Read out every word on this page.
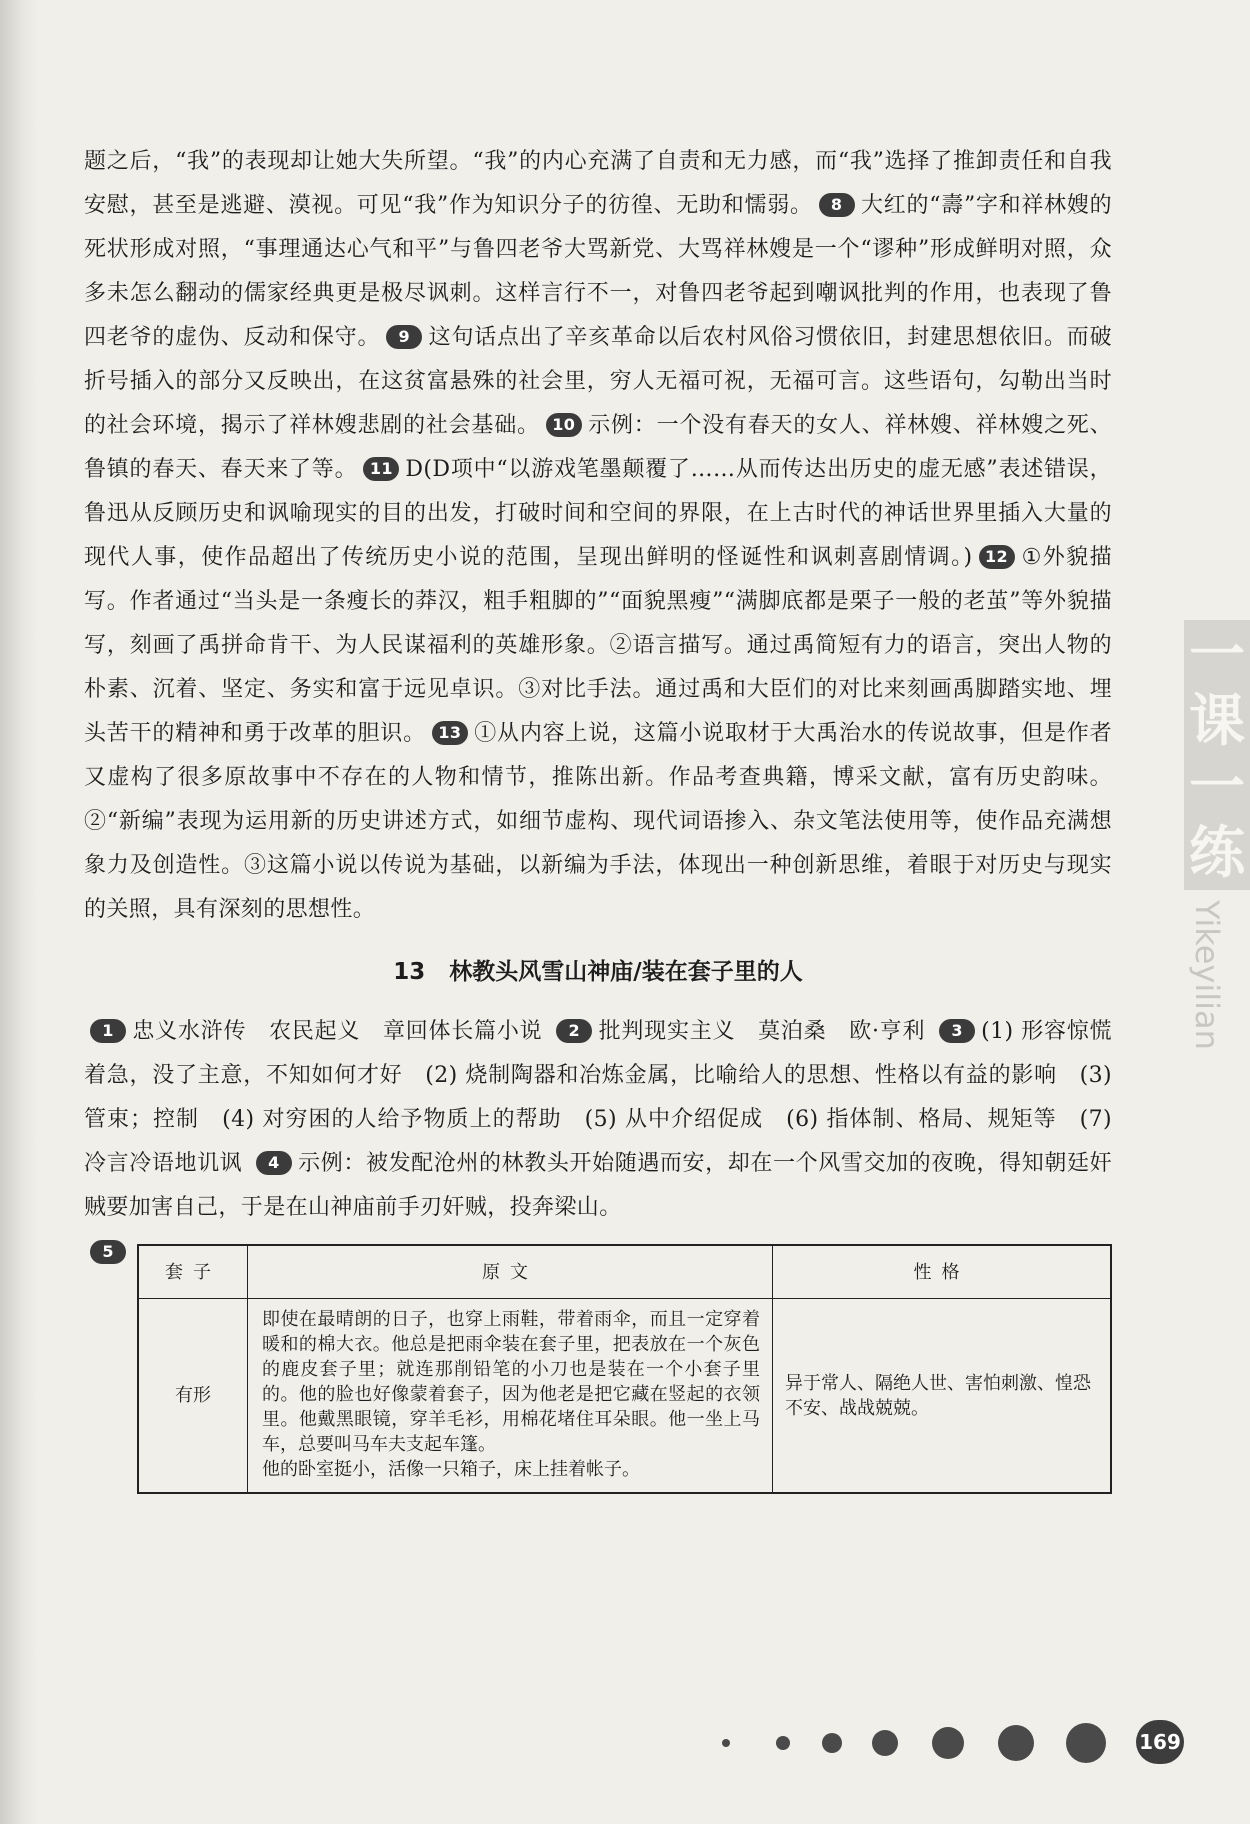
题之后，“我”的表现却让她大失所望。“我”的内心充满了自责和无力感，而“我”选择了推卸责任和自我安慰，甚至是逃避、漠视。可见“我”作为知识分子的彷徨、无助和懦弱。 8 大红的“壽”字和祥林嫂的死状形成对照，“事理通达心气和平”与鲁四老爷大骂新党、大骂祥林嫂是一个“谬种”形成鲜明对照，众多未怎么翻动的儒家经典更是极尽讽刺。这样言行不一，对鲁四老爷起到嘲讽批判的作用，也表现了鲁四老爷的虚伪、反动和保守。 9 这句话点出了辛亥革命以后农村风俗习惯依旧，封建思想依旧。而破折号插入的部分又反映出，在这贫富悬殊的社会里，穷人无福可祝，无福可言。这些语句，勾勒出当时的社会环境，揭示了祥林嫂悲剧的社会基础。 10 示例：一个没有春天的女人、祥林嫂、祥林嫂之死、鲁镇的春天、春天来了等。 11 D(D项中“以游戏笔墨颠覆了……从而传达出历史的虚无感”表述错误，鲁迅从反顾历史和讽喻现实的目的出发，打破时间和空间的界限，在上古时代的神话世界里插入大量的现代人事，使作品超出了传统历史小说的范围，呈现出鲜明的怪诞性和讽刺喜剧情调。) 12 ①外貌描写。作者通过“当头是一条瘦长的莽汉，粗手粗脚的”“面貌黑瘦”“满脚底都是栗子一般的老茧”等外貌描写，刻画了禹拼命肯干、为人民谋福利的英雄形象。②语言描写。通过禹简短有力的语言，突出人物的朴素、沉着、坚定、务实和富于远见卓识。③对比手法。通过禹和大臣们的对比来刻画禹脚踏实地、埋头苦干的精神和勇于改革的胆识。 13 ①从内容上说，这篇小说取材于大禹治水的传说故事，但是作者又虚构了很多原故事中不存在的人物和情节，推陈出新。作品考查典籍，博采文献，富有历史韵味。②“新编”表现为运用新的历史讲述方式，如细节虚构、现代词语掺入、杂文笔法使用等，使作品充满想象力及创造性。③这篇小说以传说为基础，以新编为手法，体现出一种创新思维，着眼于对历史与现实的关照，具有深刻的思想性。

13 林教头风雪山神庙/装在套子里的人

1 忠义水浒传　农民起义　章回体长篇小说 2 批判现实主义　莫泊桑　欧·亨利 3 (1) 形容惊慌着急，没了主意，不知如何才好　(2) 烧制陶器和冶炼金属，比喻给人的思想、性格以有益的影响　(3) 管束；控制　(4) 对穷困的人给予物质上的帮助　(5) 从中介绍促成　(6) 指体制、格局、规矩等　(7) 冷言冷语地讥讽 4 示例：被发配沧州的林教头开始随遇而安，却在一个风雪交加的夜晚，得知朝廷奸贼要加害自己，于是在山神庙前手刃奸贼，投奔梁山。

5
套子	原文	性格
有形	即使在最晴朗的日子，也穿上雨鞋，带着雨伞，而且一定穿着暖和的棉大衣。他总是把雨伞装在套子里，把表放在一个灰色的鹿皮套子里；就连那削铅笔的小刀也是装在一个小套子里的。他的脸也好像蒙着套子，因为他老是把它藏在竖起的衣领里。他戴黑眼镜，穿羊毛衫，用棉花堵住耳朵眼。他一坐上马车，总要叫马车夫支起车篷。
他的卧室挺小，活像一只箱子，床上挂着帐子。	异于常人、隔绝人世、害怕刺激、惶恐不安、战战兢兢。
一
课
一
练
Yikeyilian
169
